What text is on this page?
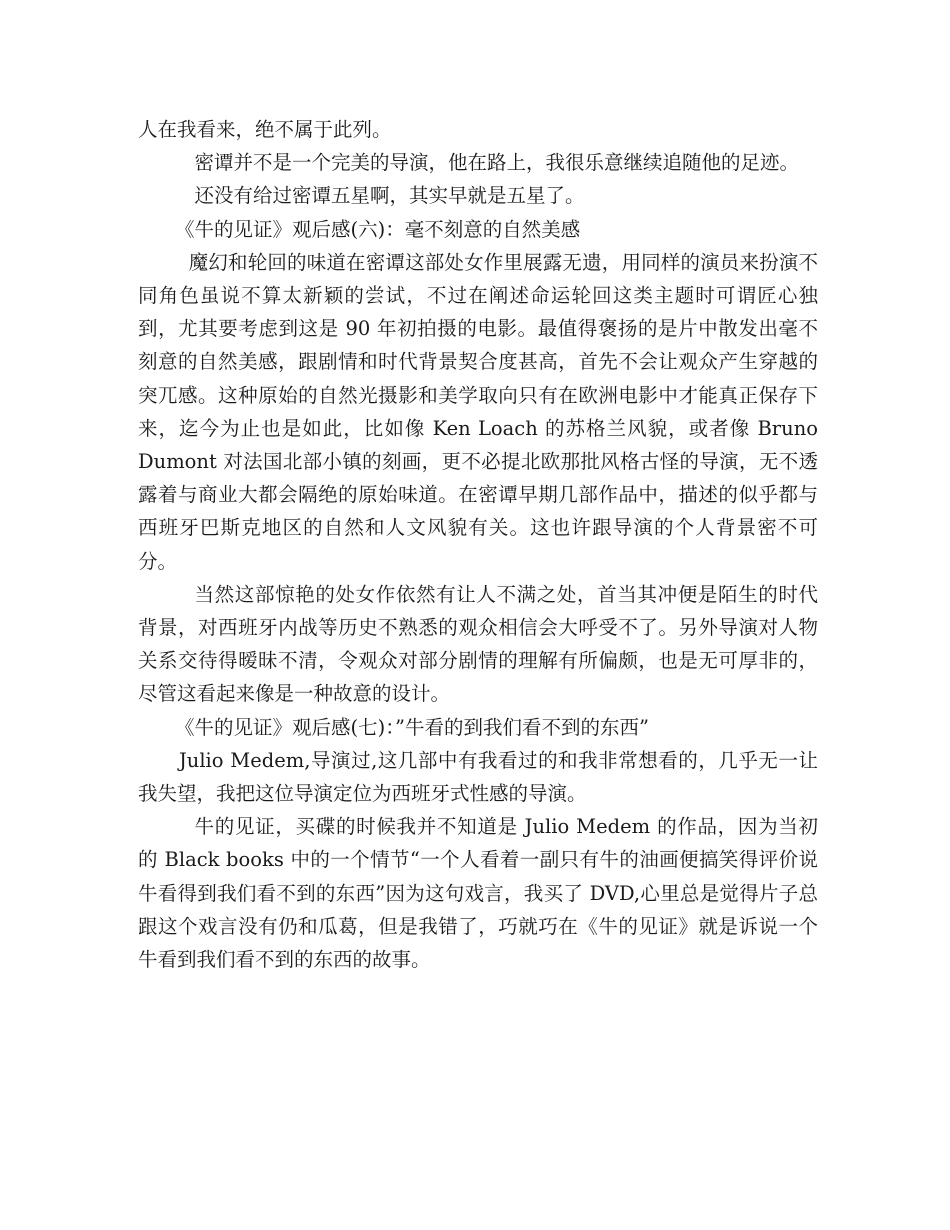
人在我看来，绝不属于此列。

密谭并不是一个完美的导演，他在路上，我很乐意继续追随他的足迹。

还没有给过密谭五星啊，其实早就是五星了。

《牛的见证》观后感(六)：毫不刻意的自然美感

魔幻和轮回的味道在密谭这部处女作里展露无遗，用同样的演员来扮演不同角色虽说不算太新颖的尝试，不过在阐述命运轮回这类主题时可谓匠心独到，尤其要考虑到这是 90 年初拍摄的电影。最值得褒扬的是片中散发出毫不刻意的自然美感，跟剧情和时代背景契合度甚高，首先不会让观众产生穿越的突兀感。这种原始的自然光摄影和美学取向只有在欧洲电影中才能真正保存下来，迄今为止也是如此，比如像 Ken Loach 的苏格兰风貌，或者像 Bruno Dumont 对法国北部小镇的刻画，更不必提北欧那批风格古怪的导演，无不透露着与商业大都会隔绝的原始味道。在密谭早期几部作品中，描述的似乎都与西班牙巴斯克地区的自然和人文风貌有关。这也许跟导演的个人背景密不可分。

当然这部惊艳的处女作依然有让人不满之处，首当其冲便是陌生的时代背景，对西班牙内战等历史不熟悉的观众相信会大呼受不了。另外导演对人物关系交待得暧昧不清，令观众对部分剧情的理解有所偏颇，也是无可厚非的，尽管这看起来像是一种故意的设计。

《牛的见证》观后感(七)：”牛看的到我们看不到的东西”

Julio Medem,导演过,这几部中有我看过的和我非常想看的，几乎无一让我失望，我把这位导演定位为西班牙式性感的导演。

牛的见证，买碟的时候我并不知道是 Julio Medem 的作品，因为当初的 Black books 中的一个情节“一个人看着一副只有牛的油画便搞笑得评价说牛看得到我们看不到的东西”因为这句戏言，我买了 DVD,心里总是觉得片子总跟这个戏言没有仍和瓜葛，但是我错了，巧就巧在《牛的见证》就是诉说一个牛看到我们看不到的东西的故事。
